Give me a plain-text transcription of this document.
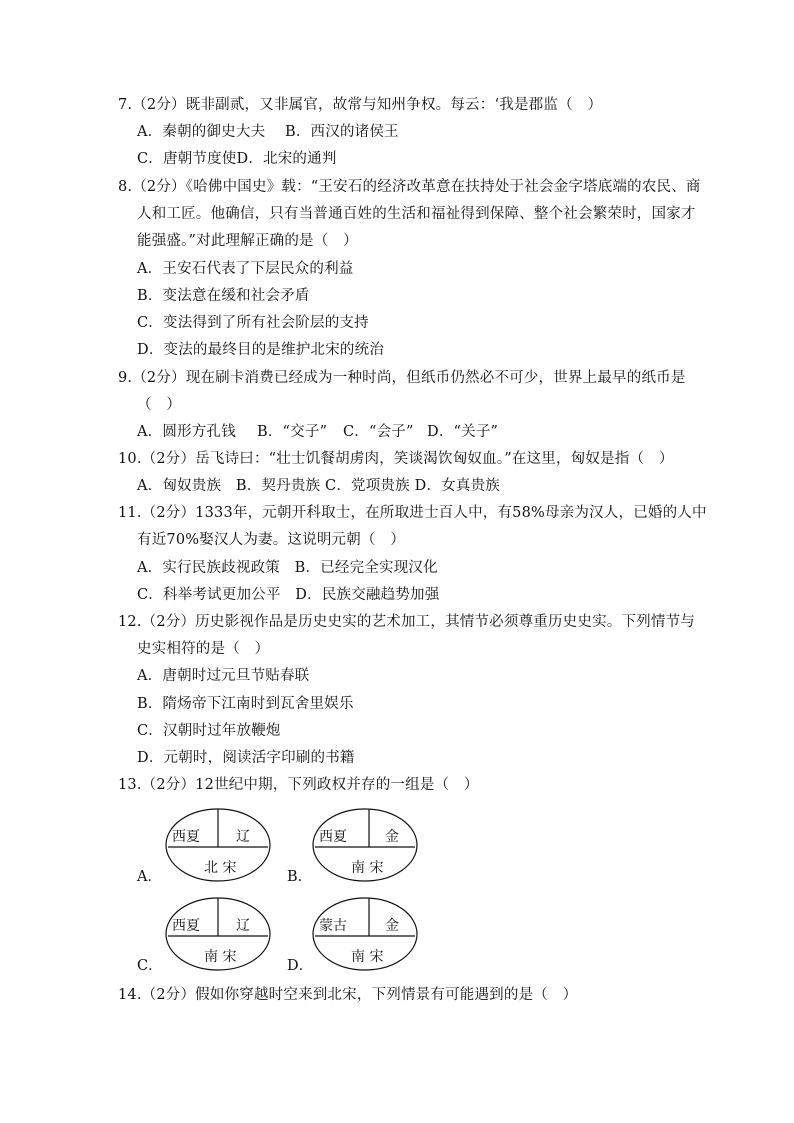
7.（2分）既非副贰，又非属官，故常与知州争权。每云：‘我是郡监（　）
A．秦朝的御史大夫 B．西汉的诸侯王
C．唐朝节度使D．北宋的通判
8.（2分）《哈佛中国史》载：“王安石的经济改革意在扶持处于社会金字塔底端的农民、商
人和工匠。他确信，只有当普通百姓的生活和福祉得到保障、整个社会繁荣时，国家才
能强盛。”对此理解正确的是（　）
A．王安石代表了下层民众的利益
B．变法意在缓和社会矛盾
C．变法得到了所有社会阶层的支持
D．变法的最终目的是维护北宋的统治
9.（2分）现在刷卡消费已经成为一种时尚，但纸币仍然必不可少，世界上最早的纸币是
（　）
A．圆形方孔钱 B．“交子” C．“会子” D．“关子”
10.（2分）岳飞诗曰：“壮士饥餐胡虏肉，笑谈渴饮匈奴血。”在这里，匈奴是指（　）
A．匈奴贵族　B．契丹贵族 C．党项贵族 D．女真贵族
11.（2分）1333年，元朝开科取士，在所取进士百人中，有58%母亲为汉人，已婚的人中
有近70%娶汉人为妻。这说明元朝（　）
A．实行民族歧视政策　B．已经完全实现汉化
C．科举考试更加公平　D．民族交融趋势加强
12.（2分）历史影视作品是历史史实的艺术加工，其情节必须尊重历史史实。下列情节与
史实相符的是（　）
A．唐朝时过元旦节贴春联
B．隋炀帝下江南时到瓦舍里娱乐
C．汉朝时过年放鞭炮
D．元朝时，阅读活字印刷的书籍
13.（2分）12世纪中期，下列政权并存的一组是（　）
A．
西夏	辽
北 宋
B．
西夏	金
南 宋
C．
西夏	辽
南 宋
D．
蒙古	金
南 宋
14.（2分）假如你穿越时空来到北宋，下列情景有可能遇到的是（　）
